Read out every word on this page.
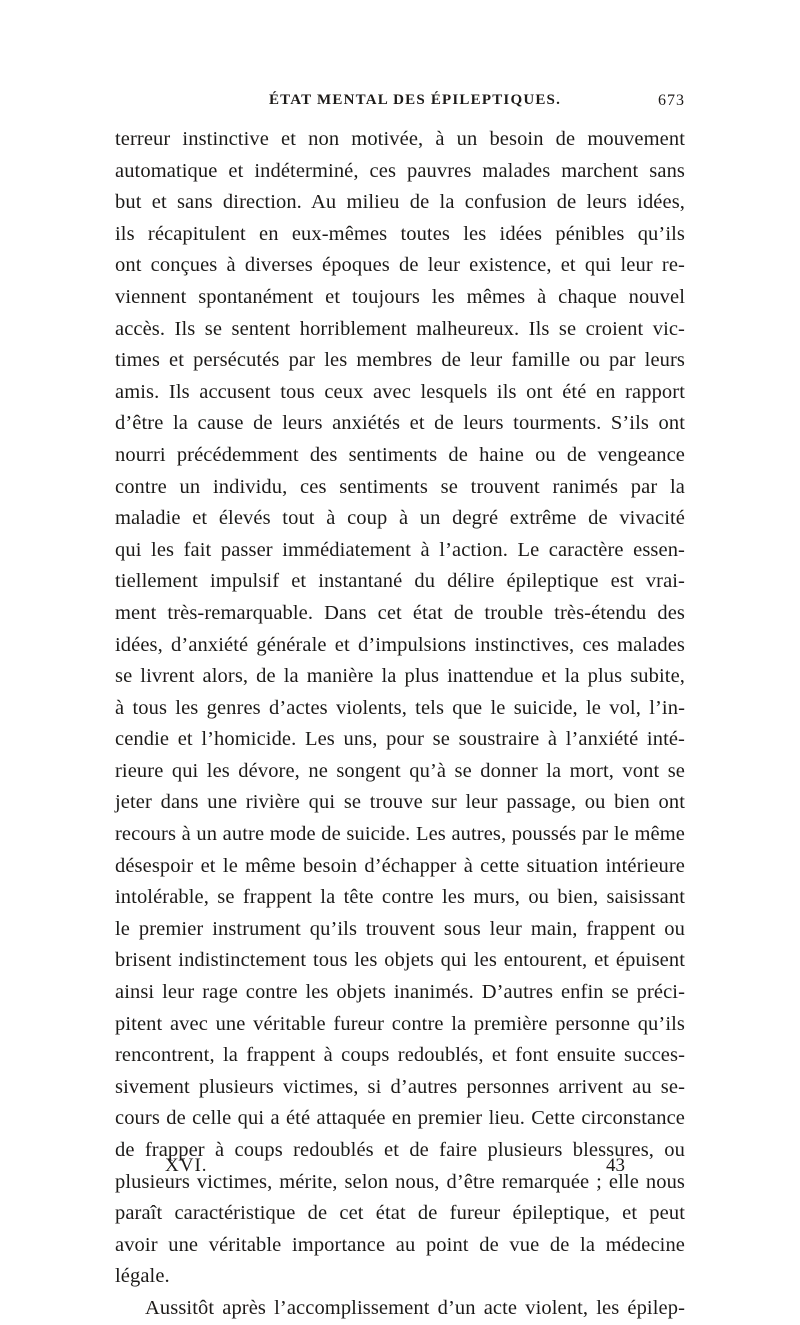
ÉTAT MENTAL DES ÉPILEPTIQUES.	673
terreur instinctive et non motivée, à un besoin de mouvement
automatique et indéterminé, ces pauvres malades marchent sans
but et sans direction. Au milieu de la confusion de leurs idées,
ils récapitulent en eux-mêmes toutes les idées pénibles qu’ils
ont conçues à diverses époques de leur existence, et qui leur re-
viennent spontanément et toujours les mêmes à chaque nouvel
accès. Ils se sentent horriblement malheureux. Ils se croient vic-
times et persécutés par les membres de leur famille ou par leurs
amis. Ils accusent tous ceux avec lesquels ils ont été en rapport
d’être la cause de leurs anxiétés et de leurs tourments. S’ils ont
nourri précédemment des sentiments de haine ou de vengeance
contre un individu, ces sentiments se trouvent ranimés par la
maladie et élevés tout à coup à un degré extrême de vivacité
qui les fait passer immédiatement à l’action. Le caractère essen-
tiellement impulsif et instantané du délire épileptique est vrai-
ment très-remarquable. Dans cet état de trouble très-étendu des
idées, d’anxiété générale et d’impulsions instinctives, ces malades
se livrent alors, de la manière la plus inattendue et la plus subite,
à tous les genres d’actes violents, tels que le suicide, le vol, l’in-
cendie et l’homicide. Les uns, pour se soustraire à l’anxiété inté-
rieure qui les dévore, ne songent qu’à se donner la mort, vont se
jeter dans une rivière qui se trouve sur leur passage, ou bien ont
recours à un autre mode de suicide. Les autres, poussés par le même
désespoir et le même besoin d’échapper à cette situation intérieure
intolérable, se frappent la tête contre les murs, ou bien, saisissant
le premier instrument qu’ils trouvent sous leur main, frappent ou
brisent indistinctement tous les objets qui les entourent, et épuisent
ainsi leur rage contre les objets inanimés. D’autres enfin se préci-
pitent avec une véritable fureur contre la première personne qu’ils
rencontrent, la frappent à coups redoublés, et font ensuite succes-
sivement plusieurs victimes, si d’autres personnes arrivent au se-
cours de celle qui a été attaquée en premier lieu. Cette circonstance
de frapper à coups redoublés et de faire plusieurs blessures, ou
plusieurs victimes, mérite, selon nous, d’être remarquée ; elle nous
paraît caractéristique de cet état de fureur épileptique, et peut
avoir une véritable importance au point de vue de la médecine
légale.
Aussitôt après l’accomplissement d’un acte violent, les épilep-
XVI.	43
